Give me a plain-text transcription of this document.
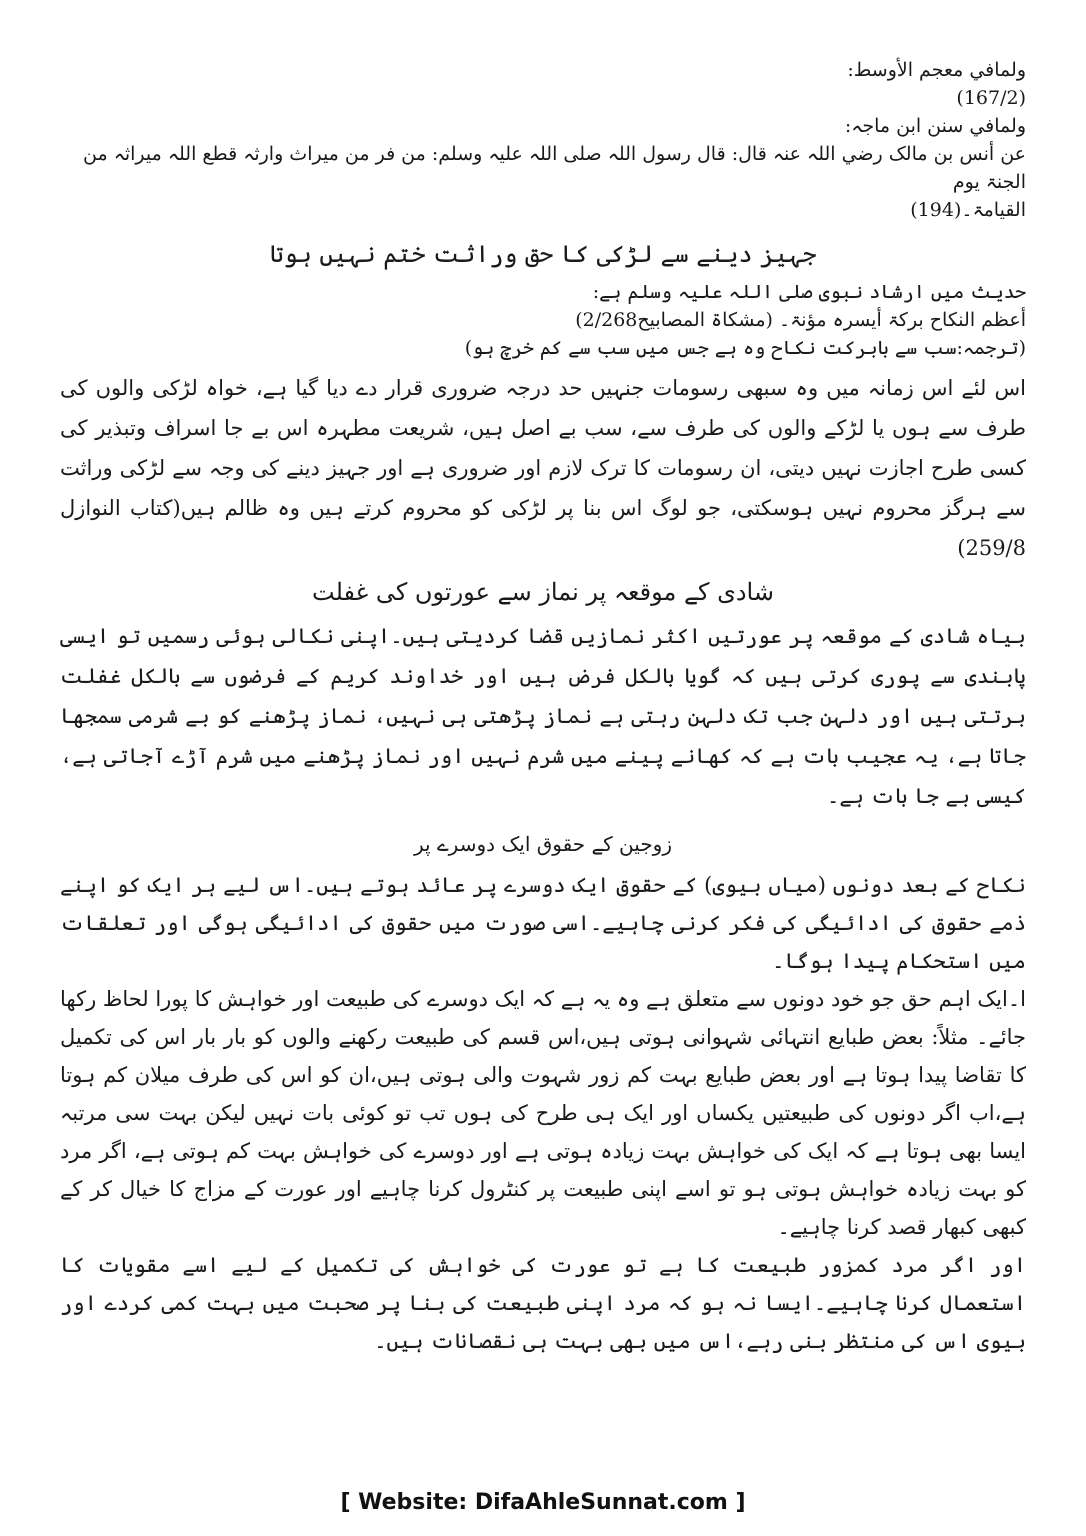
ولمافي معجم الأوسط:

(167/2)

ولمافي سنن ابن ماجہ:

عن أنس بن مالک رضي اللہ عنہ قال: قال رسول اللہ صلی اللہ علیہ وسلم: من فر من میراث وارثہ قطع اللہ میراثہ من الجنۃ یوم

القیامۃ۔(194)

جہیز دینے سے لڑکی کا حق وراثت ختم نہیں ہوتا

حدیث میں ارشاد نبوی صلی اللہ علیہ وسلم ہے:

أعظم النکاح برکۃ أیسرہ مؤنۃ۔ (مشکاۃ المصابیح2/268)

(ترجمہ:سب سے بابرکت نکاح وہ ہے جس میں سب سے کم خرچ ہو)

اس لئے اس زمانہ میں وہ سبھی رسومات جنہیں حد درجہ ضروری قرار دے دیا گیا ہے، خواہ لڑکی والوں کی طرف سے ہوں یا لڑکے والوں کی طرف سے، سب بے اصل ہیں، شریعت مطہرہ اس بے جا اسراف وتبذیر کی کسی طرح اجازت نہیں دیتی، ان رسومات کا ترک لازم اور ضروری ہے اور جہیز دینے کی وجہ سے لڑکی وراثت سے ہرگز محروم نہیں ہوسکتی، جو لوگ اس بنا پر لڑکی کو محروم کرتے ہیں وہ ظالم ہیں(کتاب النوازل 259/8)

شادی کے موقعہ پر نماز سے عورتوں کی غفلت

بیاہ شادی کے موقعہ پر عورتیں اکثر نمازیں قضا کردیتی ہیں۔اپنی نکالی ہوئی رسمیں تو ایسی پابندی سے پوری کرتی ہیں کہ گویا بالکل فرض ہیں اور خداوند کریم کے فرضوں سے بالکل غفلت برتتی ہیں اور دلہن جب تک دلہن رہتی ہے نماز پڑھتی ہی نہیں، نماز پڑھنے کو بے شرمی سمجھا جاتا ہے، یہ عجیب بات ہے کہ کھانے پینے میں شرم نہیں اور نماز پڑھنے میں شرم آڑے آجاتی ہے، کیسی بے جا بات ہے۔

زوجین کے حقوق ایک دوسرے پر

نکاح کے بعد دونوں (میاں بیوی) کے حقوق ایک دوسرے پر عائد ہوتے ہیں۔اس لیے ہر ایک کو اپنے ذمے حقوق کی ادائیگی کی فکر کرنی چاہیے۔اسی صورت میں حقوق کی ادائیگی ہوگی اور تعلقات میں استحکام پیدا ہوگا۔

ا۔ایک اہم حق جو خود دونوں سے متعلق ہے وہ یہ ہے کہ ایک دوسرے کی طبیعت اور خواہش کا پورا لحاظ رکھا جائے۔ مثلاً: بعض طبایع انتہائی شہوانی ہوتی ہیں،اس قسم کی طبیعت رکھنے والوں کو بار بار اس کی تکمیل کا تقاضا پیدا ہوتا ہے اور بعض طبایع بہت کم زور شہوت والی ہوتی ہیں،ان کو اس کی طرف میلان کم ہوتا ہے،اب اگر دونوں کی طبیعتیں یکساں اور ایک ہی طرح کی ہوں تب تو کوئی بات نہیں لیکن بہت سی مرتبہ ایسا بھی ہوتا ہے کہ ایک کی خواہش بہت زیادہ ہوتی ہے اور دوسرے کی خواہش بہت کم ہوتی ہے، اگر مرد کو بہت زیادہ خواہش ہوتی ہو تو اسے اپنی طبیعت پر کنٹرول کرنا چاہیے اور عورت کے مزاج کا خیال کر کے کبھی کبھار قصد کرنا چاہیے۔

اور اگر مرد کمزور طبیعت کا ہے تو عورت کی خواہش کی تکمیل کے لیے اسے مقویات کا استعمال کرنا چاہیے۔ایسا نہ ہو کہ مرد اپنی طبیعت کی بنا پر صحبت میں بہت کمی کردے اور بیوی اس کی منتظر بنی رہے،اس میں بھی بہت ہی نقصانات ہیں۔

[ Website: DifaAhleSunnat.com ]
